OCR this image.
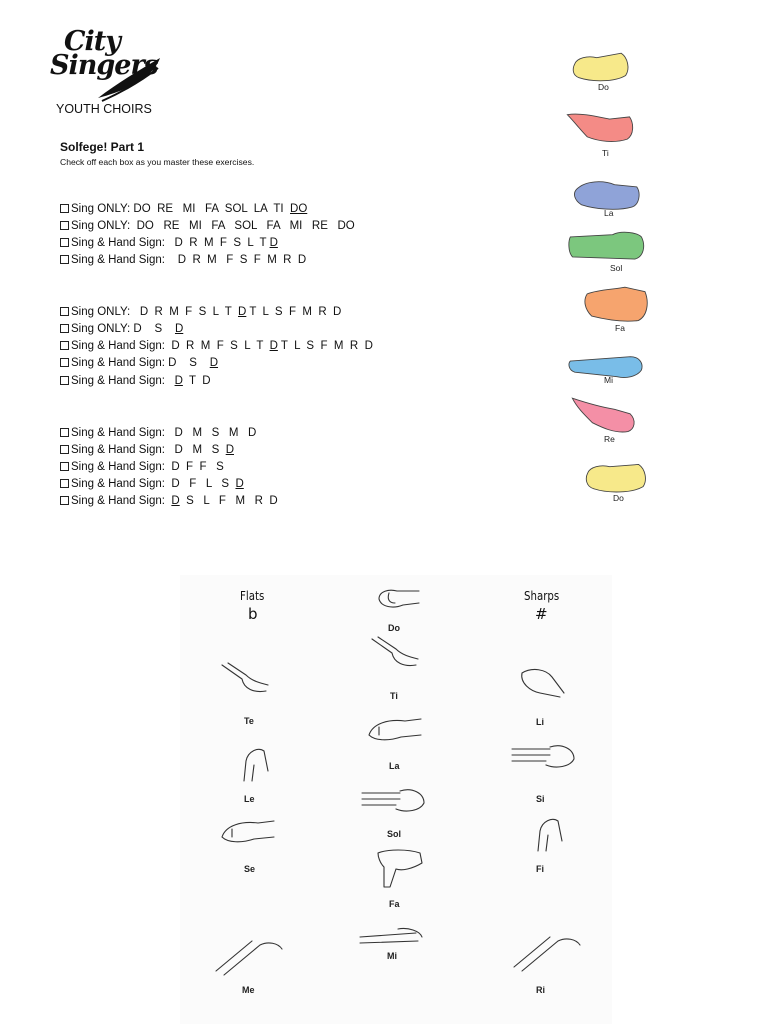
City
Singers
YOUTH CHOIRS
Solfege! Part 1
Check off each box as you master these exercises.
Sing ONLY: DO  RE   MI   FA  SOL  LA  TI  DO
Sing ONLY:  DO   RE   MI   FA   SOL   FA   MI   RE   DO
Sing & Hand Sign:   D  R  M  F  S  L  T D
Sing & Hand Sign:    D  R  M   F  S  F  M  R  D
Sing ONLY:   D  R  M  F  S  L  T  D T  L  S  F  M  R  D
Sing ONLY: D    S    D
Sing & Hand Sign:  D  R  M  F  S  L  T  D T  L  S  F  M  R  D
Sing & Hand Sign: D    S    D
Sing & Hand Sign:   D  T  D
Sing & Hand Sign:   D   M   S   M   D
Sing & Hand Sign:   D   M   S  D
Sing & Hand Sign:  D  F  F   S
Sing & Hand Sign:  D   F   L   S  D
Sing & Hand Sign:  D  S   L   F   M   R  D
Do
Ti
La
Sol
Fa
Mi
Re
Do
Flats
b
Sharps
#
Do
Ti
La
Sol
Fa
Mi
Te
Le
Se
Me
Li
Si
Fi
Ri
